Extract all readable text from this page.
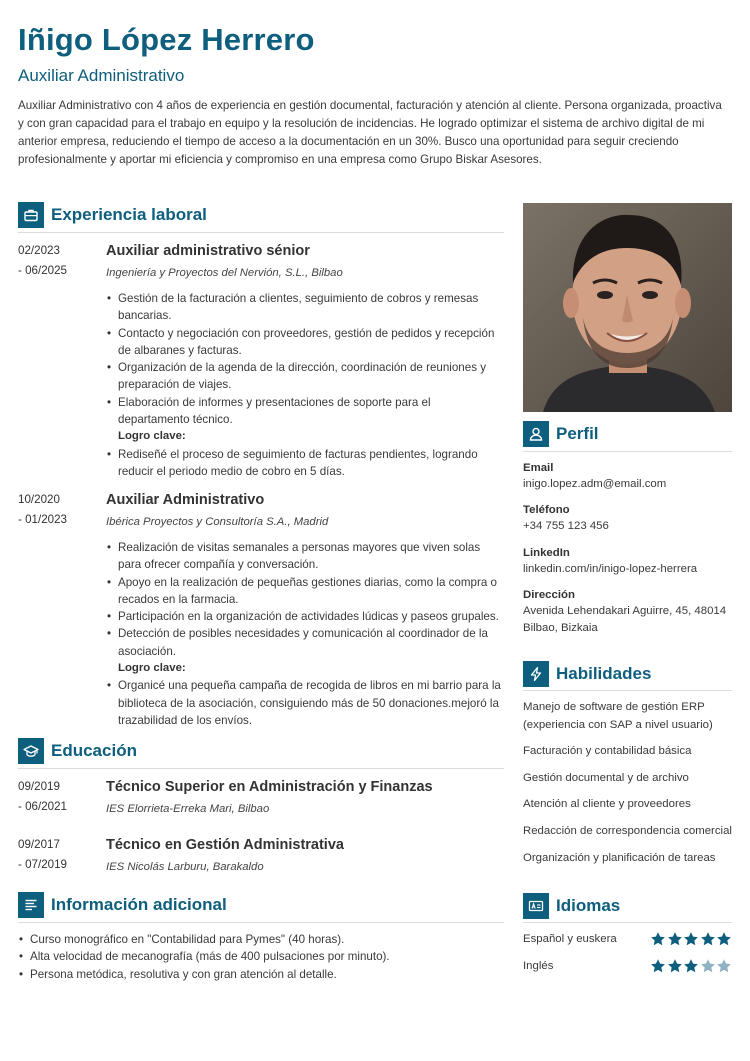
Iñigo López Herrero
Auxiliar Administrativo
Auxiliar Administrativo con 4 años de experiencia en gestión documental, facturación y atención al cliente. Persona organizada, proactiva y con gran capacidad para el trabajo en equipo y la resolución de incidencias. He logrado optimizar el sistema de archivo digital de mi anterior empresa, reduciendo el tiempo de acceso a la documentación en un 30%. Busco una oportunidad para seguir creciendo profesionalmente y aportar mi eficiencia y compromiso en una empresa como Grupo Biskar Asesores.
Experiencia laboral
02/2023
- 06/2025
Auxiliar administrativo sénior
Ingeniería y Proyectos del Nervión, S.L., Bilbao
• Gestión de la facturación a clientes, seguimiento de cobros y remesas bancarias.
• Contacto y negociación con proveedores, gestión de pedidos y recepción de albaranes y facturas.
• Organización de la agenda de la dirección, coordinación de reuniones y preparación de viajes.
• Elaboración de informes y presentaciones de soporte para el departamento técnico.
Logro clave:
• Rediseñé el proceso de seguimiento de facturas pendientes, logrando reducir el periodo medio de cobro en 5 días.
10/2020
- 01/2023
Auxiliar Administrativo
Ibérica Proyectos y Consultoría S.A., Madrid
• Realización de visitas semanales a personas mayores que viven solas para ofrecer compañía y conversación.
• Apoyo en la realización de pequeñas gestiones diarias, como la compra o recados en la farmacia.
• Participación en la organización de actividades lúdicas y paseos grupales.
• Detección de posibles necesidades y comunicación al coordinador de la asociación.
Logro clave:
• Organicé una pequeña campaña de recogida de libros en mi barrio para la biblioteca de la asociación, consiguiendo más de 50 donaciones.mejoró la trazabilidad de los envíos.
Educación
09/2019
- 06/2021
Técnico Superior en Administración y Finanzas
IES Elorrieta-Erreka Mari, Bilbao
09/2017
- 07/2019
Técnico en Gestión Administrativa
IES Nicolás Larburu, Barakaldo
Información adicional
• Curso monográfico en "Contabilidad para Pymes" (40 horas).
• Alta velocidad de mecanografía (más de 400 pulsaciones por minuto).
• Persona metódica, resolutiva y con gran atención al detalle.
Perfil
Email
inigo.lopez.adm@email.com
Teléfono
+34 755 123 456
LinkedIn
linkedin.com/in/inigo-lopez-herrera
Dirección
Avenida Lehendakari Aguirre, 45, 48014 Bilbao, Bizkaia
Habilidades
Manejo de software de gestión ERP (experiencia con SAP a nivel usuario)
Facturación y contabilidad básica
Gestión documental y de archivo
Atención al cliente y proveedores
Redacción de correspondencia comercial
Organización y planificación de tareas
Idiomas
Español y euskera
Inglés
